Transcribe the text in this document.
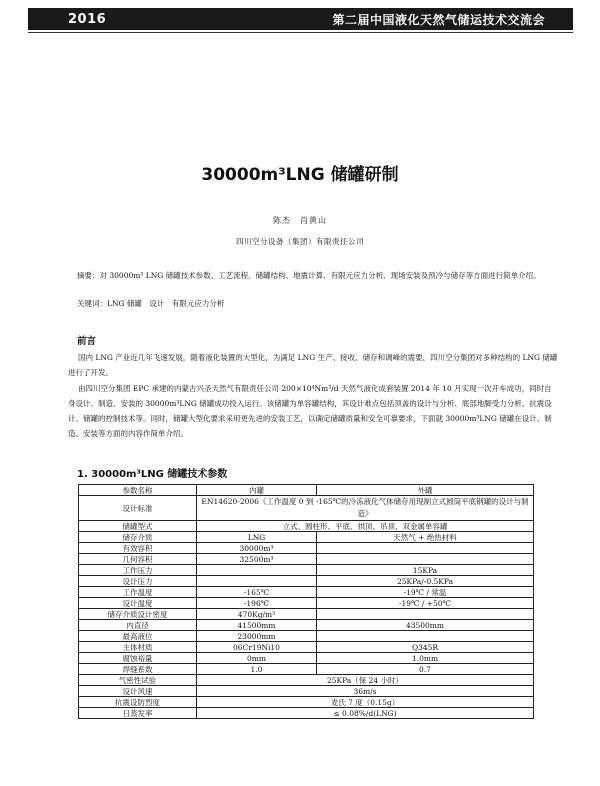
2016	第二届中国液化天然气储运技术交流会
30000m³LNG 储罐研制
陈杰　肖黄山
四川空分设备（集团）有限责任公司
摘要：对 30000m³ LNG 储罐技术参数、工艺流程、储罐结构、地震计算、有限元应力分析、现场安装及预冷与储存等方面进行简单介绍。
关键词：LNG 储罐　设计　有限元应力分析
前言
国内 LNG 产业近几年飞速发展，随着液化装置的大型化，为满足 LNG 生产、接收、储存和调峰的需要，四川空分集团对多种结构的 LNG 储罐进行了开发。
由四川空分集团 EPC 承建的内蒙古兴圣天然气有限责任公司 200×10⁴Nm³/d 天然气液化成套装置 2014 年 10 月实现一次开车成功，同时自身设计、制造、安装的 30000m³LNG 储罐成功投入运行。该储罐为单容罐结构，其设计难点包括顶盖的设计与分析、底部地脚受力分析、抗震设计、储罐的控制技术等。同时，储罐大型化要求采用更先进的安装工艺，以确定储罐质量和安全可靠要求，下面就 30000m³LNG 储罐在设计、制造、安装等方面的内容作简单介绍。
1. 30000m³LNG 储罐技术参数
参数名称	内罐	外罐
设计标准	EN14620-2006《工作温度 0 到 -165℃的冷冻液化气体储存用现制立式圆筒平底钢罐的设计与制造》	
储罐型式	立式、圆柱形、平底、拱顶、吊顶、双金属单容罐	
储存介质	LNG	天然气 + 绝热材料
有效容积	30000m³	
几何容积	32500m³	
工作压力		15KPa
设计压力		25KPa/-0.5KPa
工作温度	-165℃	-19℃ / 常温
设计温度	-196℃	-19℃ / +50℃
储存介质设计密度	470Kg/m³	
内直径	41500mm	43500mm
最高液位	23000mm	
主体材质	06Cr19Ni10	Q345R
腐蚀裕量	0mm	1.0mm
焊缝系数	1.0	0.7
气密性试验	25KPa（保 24 小时）	
设计风速	36m/s	
抗震设防烈度	麦氏 7 度（0.15g）	
日蒸发率	≤ 0.08%/d(LNG)	
